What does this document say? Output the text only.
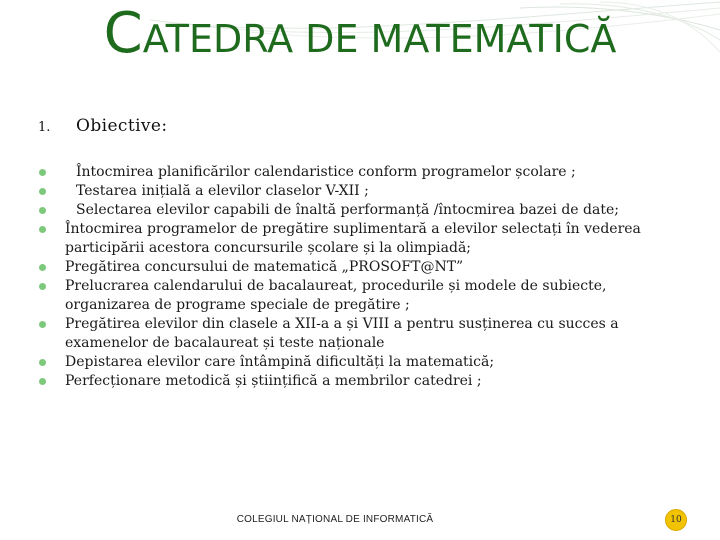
CATEDRA DE MATEMATICĂ
1. Obiective:
Întocmirea planificărilor calendaristice conform programelor școlare ;
Testarea inițială a elevilor claselor V-XII ;
Selectarea elevilor capabili de înaltă performanță /întocmirea bazei de date;
Întocmirea programelor de pregătire suplimentară a elevilor selectați în vederea participării acestora concursurile școlare și la olimpiadă;
Pregătirea concursului de matematică „PROSOFT@NT”
Prelucrarea calendarului de bacalaureat, procedurile și modele de subiecte, organizarea de programe speciale de pregătire ;
Pregătirea elevilor din clasele a XII-a a și VIII a pentru susținerea cu succes a examenelor de bacalaureat și teste naționale
Depistarea elevilor care întâmpină dificultăți la matematică;
Perfecționare metodică și științifică a membrilor catedrei ;
COLEGIUL NAȚIONAL DE INFORMATICĂ	10
